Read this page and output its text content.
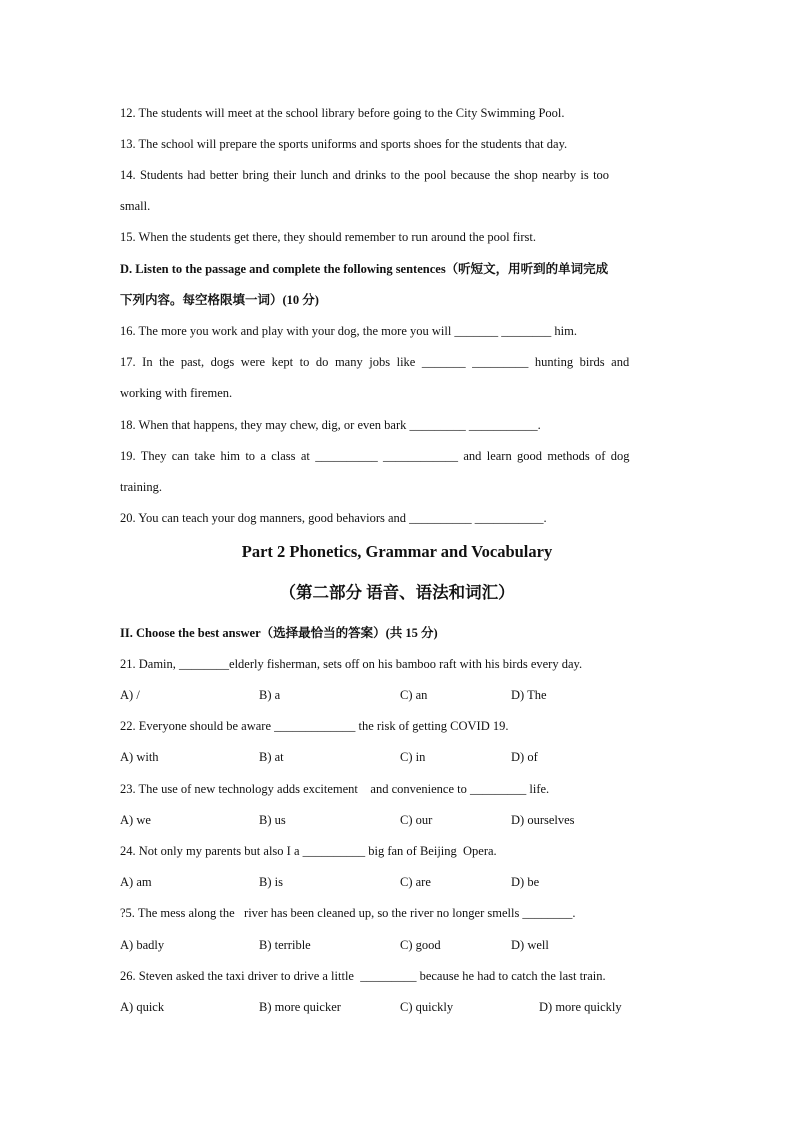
12. The students will meet at the school library before going to the City Swimming Pool.
13. The school will prepare the sports uniforms and sports shoes for the students that day.
14. Students had better bring their lunch and drinks to the pool because the shop nearby is too
small.
15. When the students get there, they should remember to run around the pool first.
D. Listen to the passage and complete the following sentences（听短文，用听到的单词完成
下列内容。每空格限填一词）(10 分)
16. The more you work and play with your dog, the more you will _______ ________ him.
17. In the past, dogs were kept to do many jobs like _______ _________ hunting birds and
working with firemen.
18. When that happens, they may chew, dig, or even bark _________ ___________.
19. They can take him to a class at __________ ____________ and learn good methods of dog
training.
20. You can teach your dog manners, good behaviors and __________ ___________.
Part 2 Phonetics, Grammar and Vocabulary
（第二部分 语音、语法和词汇）
II. Choose the best answer（选择最恰当的答案）(共 15 分)
21. Damin, ________elderly fisherman, sets off on his bamboo raft with his birds every day.
A) /	B) a	C) an	D) The
22. Everyone should be aware _____________ the risk of getting COVID 19.
A) with	B) at	C) in	D) of
23. The use of new technology adds excitement    and convenience to _________ life.
A) we	B) us	C) our	D) ourselves
24. Not only my parents but also I a __________ big fan of Beijing  Opera.
A) am	B) is	C) are	D) be
?5. The mess along the   river has been cleaned up, so the river no longer smells ________.
A) badly	B) terrible	C) good	D) well
26. Steven asked the taxi driver to drive a little  _________ because he had to catch the last train.
A) quick	B) more quicker	C) quickly	D) more quickly
